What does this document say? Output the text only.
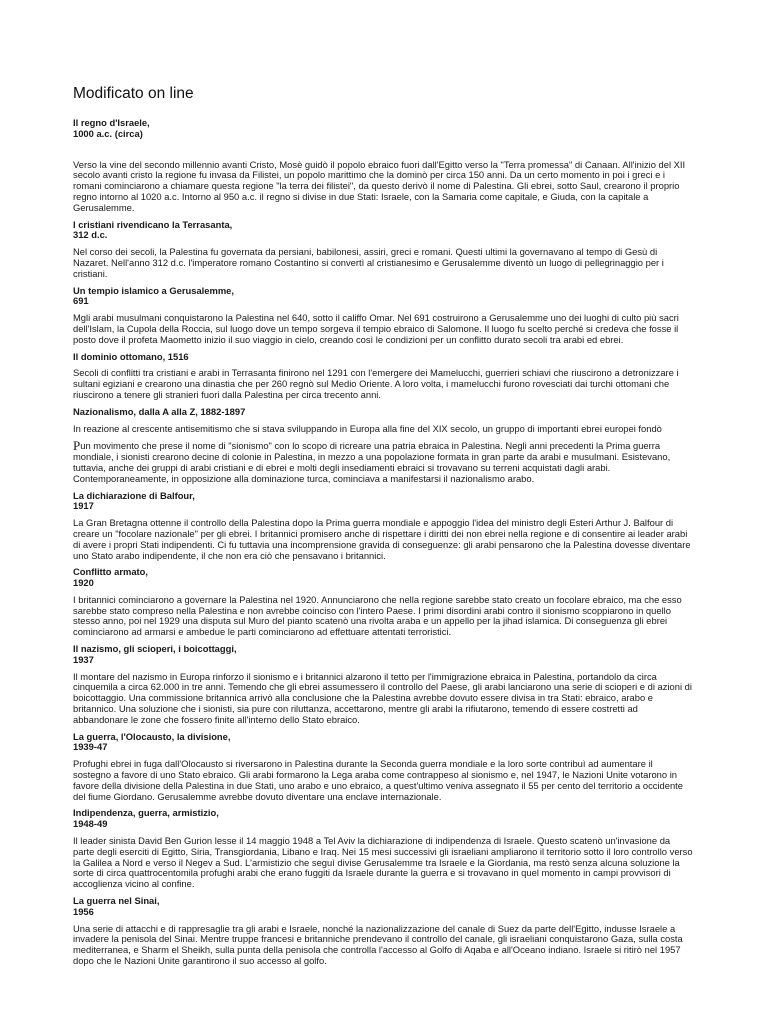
Modificato on line
Il regno d'Israele,
1000 a.c. (circa)

Verso la vine del secondo millennio avanti Cristo, Mosè guidò il popolo ebraico fuori dall'Egitto verso la "Terra promessa" di Canaan. All'inizio del XII secolo avanti cristo la regione fu invasa da Filistei, un popolo marittimo che la dominò per circa 150 anni. Da un certo momento in poi i greci e i romani cominciarono a chiamare questa regione "la terra dei filistei", da questo derivò il nome di Palestina. Gli ebrei, sotto Saul, crearono il proprio regno intorno al 1020 a.c. Intorno al 950 a.c. il regno si divise in due Stati: Israele, con la Samaria come capitale, e Giuda, con la capitale a Gerusalemme.

I cristiani rivendicano la Terrasanta,
312 d.c.

Nel corso dei secoli, la Palestina fu governata da persiani, babilonesi, assiri, greci e romani. Questi ultimi la governavano al tempo di Gesù di Nazaret. Nell'anno 312 d.c. l'imperatore romano Costantino si convertì al cristianesimo e Gerusalemme diventò un luogo di pellegrinaggio per i cristiani.

Un tempio islamico a Gerusalemme,
691

Mgli arabi musulmani conquistarono la Palestina nel 640, sotto il califfo Omar. Nel 691 costruirono a Gerusalemme uno dei luoghi di culto più sacri dell'Islam, la Cupola della Roccia, sul luogo dove un tempo sorgeva il tempio ebraico di Salomone. Il luogo fu scelto perché si credeva che fosse il posto dove il profeta Maometto inizio il suo viaggio in cielo, creando così le condizioni per un conflitto durato secoli tra arabi ed ebrei.

Il dominio ottomano, 1516

Secoli di conflitti tra cristiani e arabi in Terrasanta finirono nel 1291 con l'emergere dei Mamelucchi, guerrieri schiavi che riuscirono a detronizzare i sultani egiziani e crearono una dinastia che per 260 regnò sul Medio Oriente. A loro volta, i mamelucchi furono rovesciati dai turchi ottomani che riuscirono a tenere gli stranieri fuori dalla Palestina per circa trecento anni.

Nazionalismo, dalla A alla Z, 1882-1897

In reazione al crescente antisemitismo che si stava sviluppando in Europa alla fine del XIX secolo, un gruppo di importanti ebrei europei fondò

Pun movimento che prese il nome di "sionismo" con lo scopo di ricreare una patria ebraica in Palestina. Negli anni precedenti la Prima guerra mondiale, i sionisti crearono decine di colonie in Palestina, in mezzo a una popolazione formata in gran parte da arabi e musulmani. Esistevano, tuttavia, anche dei gruppi di arabi cristiani e di ebrei e molti degli insediamenti ebraici si trovavano su terreni acquistati dagli arabi. Contemporaneamente, in opposizione alla dominazione turca, cominciava a manifestarsi il nazionalismo arabo.

La dichiarazione di Balfour,
1917

La Gran Bretagna ottenne il controllo della Palestina dopo la Prima guerra mondiale e appoggio l'idea del ministro degli Esteri Arthur J. Balfour di creare un "focolare nazionale" per gli ebrei. I britannici promisero anche di rispettare i diritti dei non ebrei nella regione e di consentire ai leader arabi di avere i propri Stati indipendenti. Ci fu tuttavia una incomprensione gravida di conseguenze: gli arabi pensarono che la Palestina dovesse diventare uno Stato arabo indipendente, il che non era ciò che pensavano i britannici.

Conflitto armato,
1920

I britannici cominciarono a governare la Palestina nel 1920. Annunciarono che nella regione sarebbe stato creato un focolare ebraico, ma che esso sarebbe stato compreso nella Palestina e non avrebbe coinciso con l'intero Paese. I primi disordini arabi contro il sionismo scoppiarono in quello stesso anno, poi nel 1929 una disputa sul Muro del pianto scatenò una rivolta araba e un appello per la jihad islamica. Di conseguenza gli ebrei cominciarono ad armarsi e ambedue le parti cominciarono ad effettuare attentati terroristici.

Il nazismo, gli scioperi, i boicottaggi,
1937

Il montare del nazismo in Europa rinforzo il sionismo e i britannici alzarono il tetto per l'immigrazione ebraica in Palestina, portandolo da circa cinquemila a circa 62.000 in tre anni. Temendo che gli ebrei assumessero il controllo del Paese, gli arabi lanciarono una serie di scioperi e di azioni di boicottaggio. Una commissione britannica arrivò alla conclusione che la Palestina avrebbe dovuto essere divisa in tra Stati: ebraico, arabo e britannico. Una soluzione che i sionisti, sia pure con riluttanza, accettarono, mentre gli arabi la rifiutarono, temendo di essere costretti ad abbandonare le zone che fossero finite all'interno dello Stato ebraico.

La guerra, l'Olocausto, la divisione,
1939-47

Profughi ebrei in fuga dall'Olocausto si riversarono in Palestina durante la Seconda guerra mondiale e la loro sorte contribuì ad aumentare il sostegno a favore di uno Stato ebraico. Gli arabi formarono la Lega araba come contrappeso al sionismo e, nel 1947, le Nazioni Unite votarono in favore della divisione della Palestina in due Stati, uno arabo e uno ebraico, a quest'ultimo veniva assegnato il 55 per cento del territorio a occidente del fiume Giordano. Gerusalemme avrebbe dovuto diventare una enclave internazionale.

Indipendenza, guerra, armistizio,
1948-49

Il leader sinista David Ben Gurion lesse il 14 maggio 1948 a Tel Aviv la dichiarazione di indipendenza di Israele. Questo scatenò un'invasione da parte degli eserciti di Egitto, Siria, Transgiordania, Libano e Iraq. Nei 15 mesi successivi gli israeliani ampliarono il territorio sotto il loro controllo verso la Galilea a Nord e verso il Negev a Sud. L'armistizio che seguì divise Gerusalemme tra Israele e la Giordania, ma restò senza alcuna soluzione la sorte di circa quattrocentomila profughi arabi che erano fuggiti da Israele durante la guerra e si trovavano in quel momento in campi provvisori di accoglienza vicino al confine.

La guerra nel Sinai,
1956

Una serie di attacchi e di rappresaglie tra gli arabi e Israele, nonché la nazionalizzazione del canale di Suez da parte dell'Egitto, indusse Israele a invadere la penisola del Sinai. Mentre truppe francesi e britanniche prendevano il controllo del canale, gli israeliani conquistarono Gaza, sulla costa mediterranea, e Sharm el Sheikh, sulla punta della penisola che controlla l'accesso al Golfo di Aqaba e all'Oceano indiano. Israele si ritirò nel 1957 dopo che le Nazioni Unite garantirono il suo accesso al golfo.
